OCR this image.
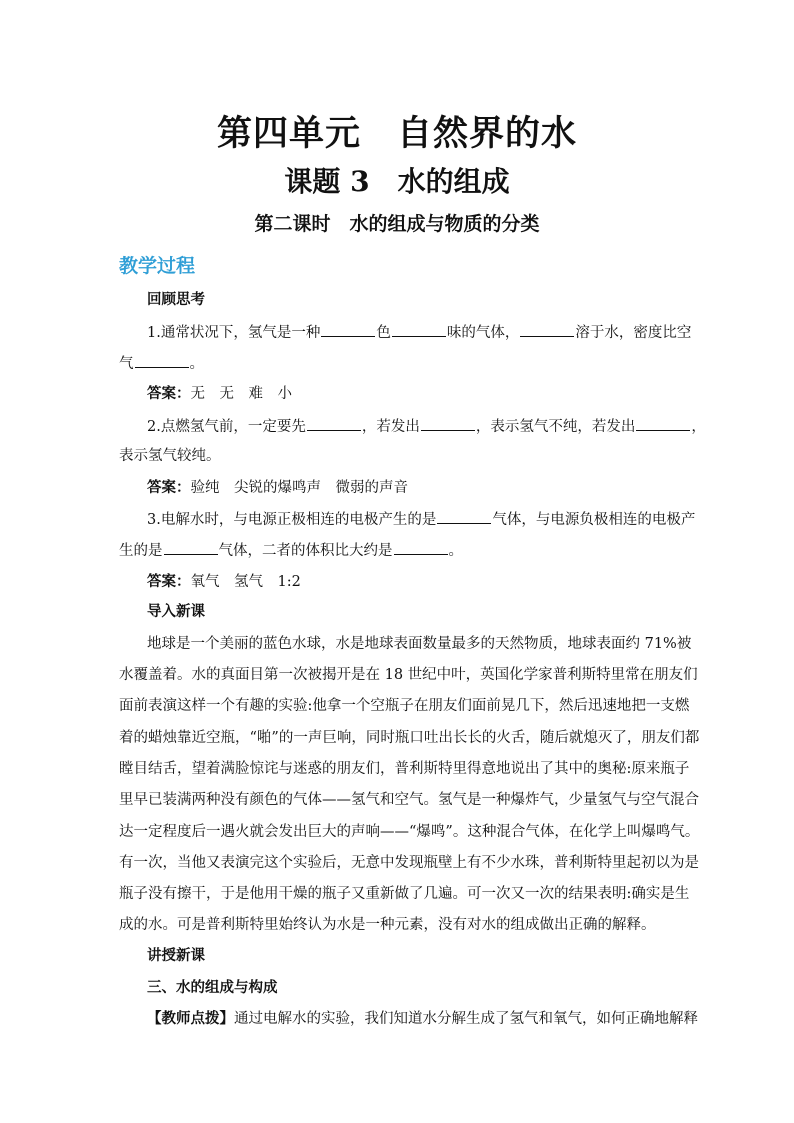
第四单元　自然界的水
课题 3　水的组成
第二课时　水的组成与物质的分类
教学过程
回顾思考
1.通常状况下，氢气是一种	色	味的气体，	溶于水，密度比空
气	。
答案：无　无　难　小
2.点燃氢气前，一定要先	，若发出	，表示氢气不纯，若发出	，
表示氢气较纯。
答案：验纯　尖锐的爆鸣声　微弱的声音
3.电解水时，与电源正极相连的电极产生的是	气体，与电源负极相连的电极产
生的是	气体，二者的体积比大约是	。
答案：氧气　氢气　1:2
导入新课
地球是一个美丽的蓝色水球，水是地球表面数量最多的天然物质，地球表面约 71%被
水覆盖着。水的真面目第一次被揭开是在 18 世纪中叶，英国化学家普利斯特里常在朋友们
面前表演这样一个有趣的实验:他拿一个空瓶子在朋友们面前晃几下，然后迅速地把一支燃
着的蜡烛靠近空瓶，“啪”的一声巨响，同时瓶口吐出长长的火舌，随后就熄灭了，朋友们都
瞠目结舌，望着满脸惊诧与迷惑的朋友们，普利斯特里得意地说出了其中的奥秘:原来瓶子
里早已装满两种没有颜色的气体——氢气和空气。氢气是一种爆炸气，少量氢气与空气混合
达一定程度后一遇火就会发出巨大的声响——“爆鸣”。这种混合气体，在化学上叫爆鸣气。
有一次，当他又表演完这个实验后，无意中发现瓶壁上有不少水珠，普利斯特里起初以为是
瓶子没有擦干，于是他用干燥的瓶子又重新做了几遍。可一次又一次的结果表明:确实是生
成的水。可是普利斯特里始终认为水是一种元素，没有对水的组成做出正确的解释。
讲授新课
三、水的组成与构成
【教师点拨】通过电解水的实验，我们知道水分解生成了氢气和氧气，如何正确地解释
